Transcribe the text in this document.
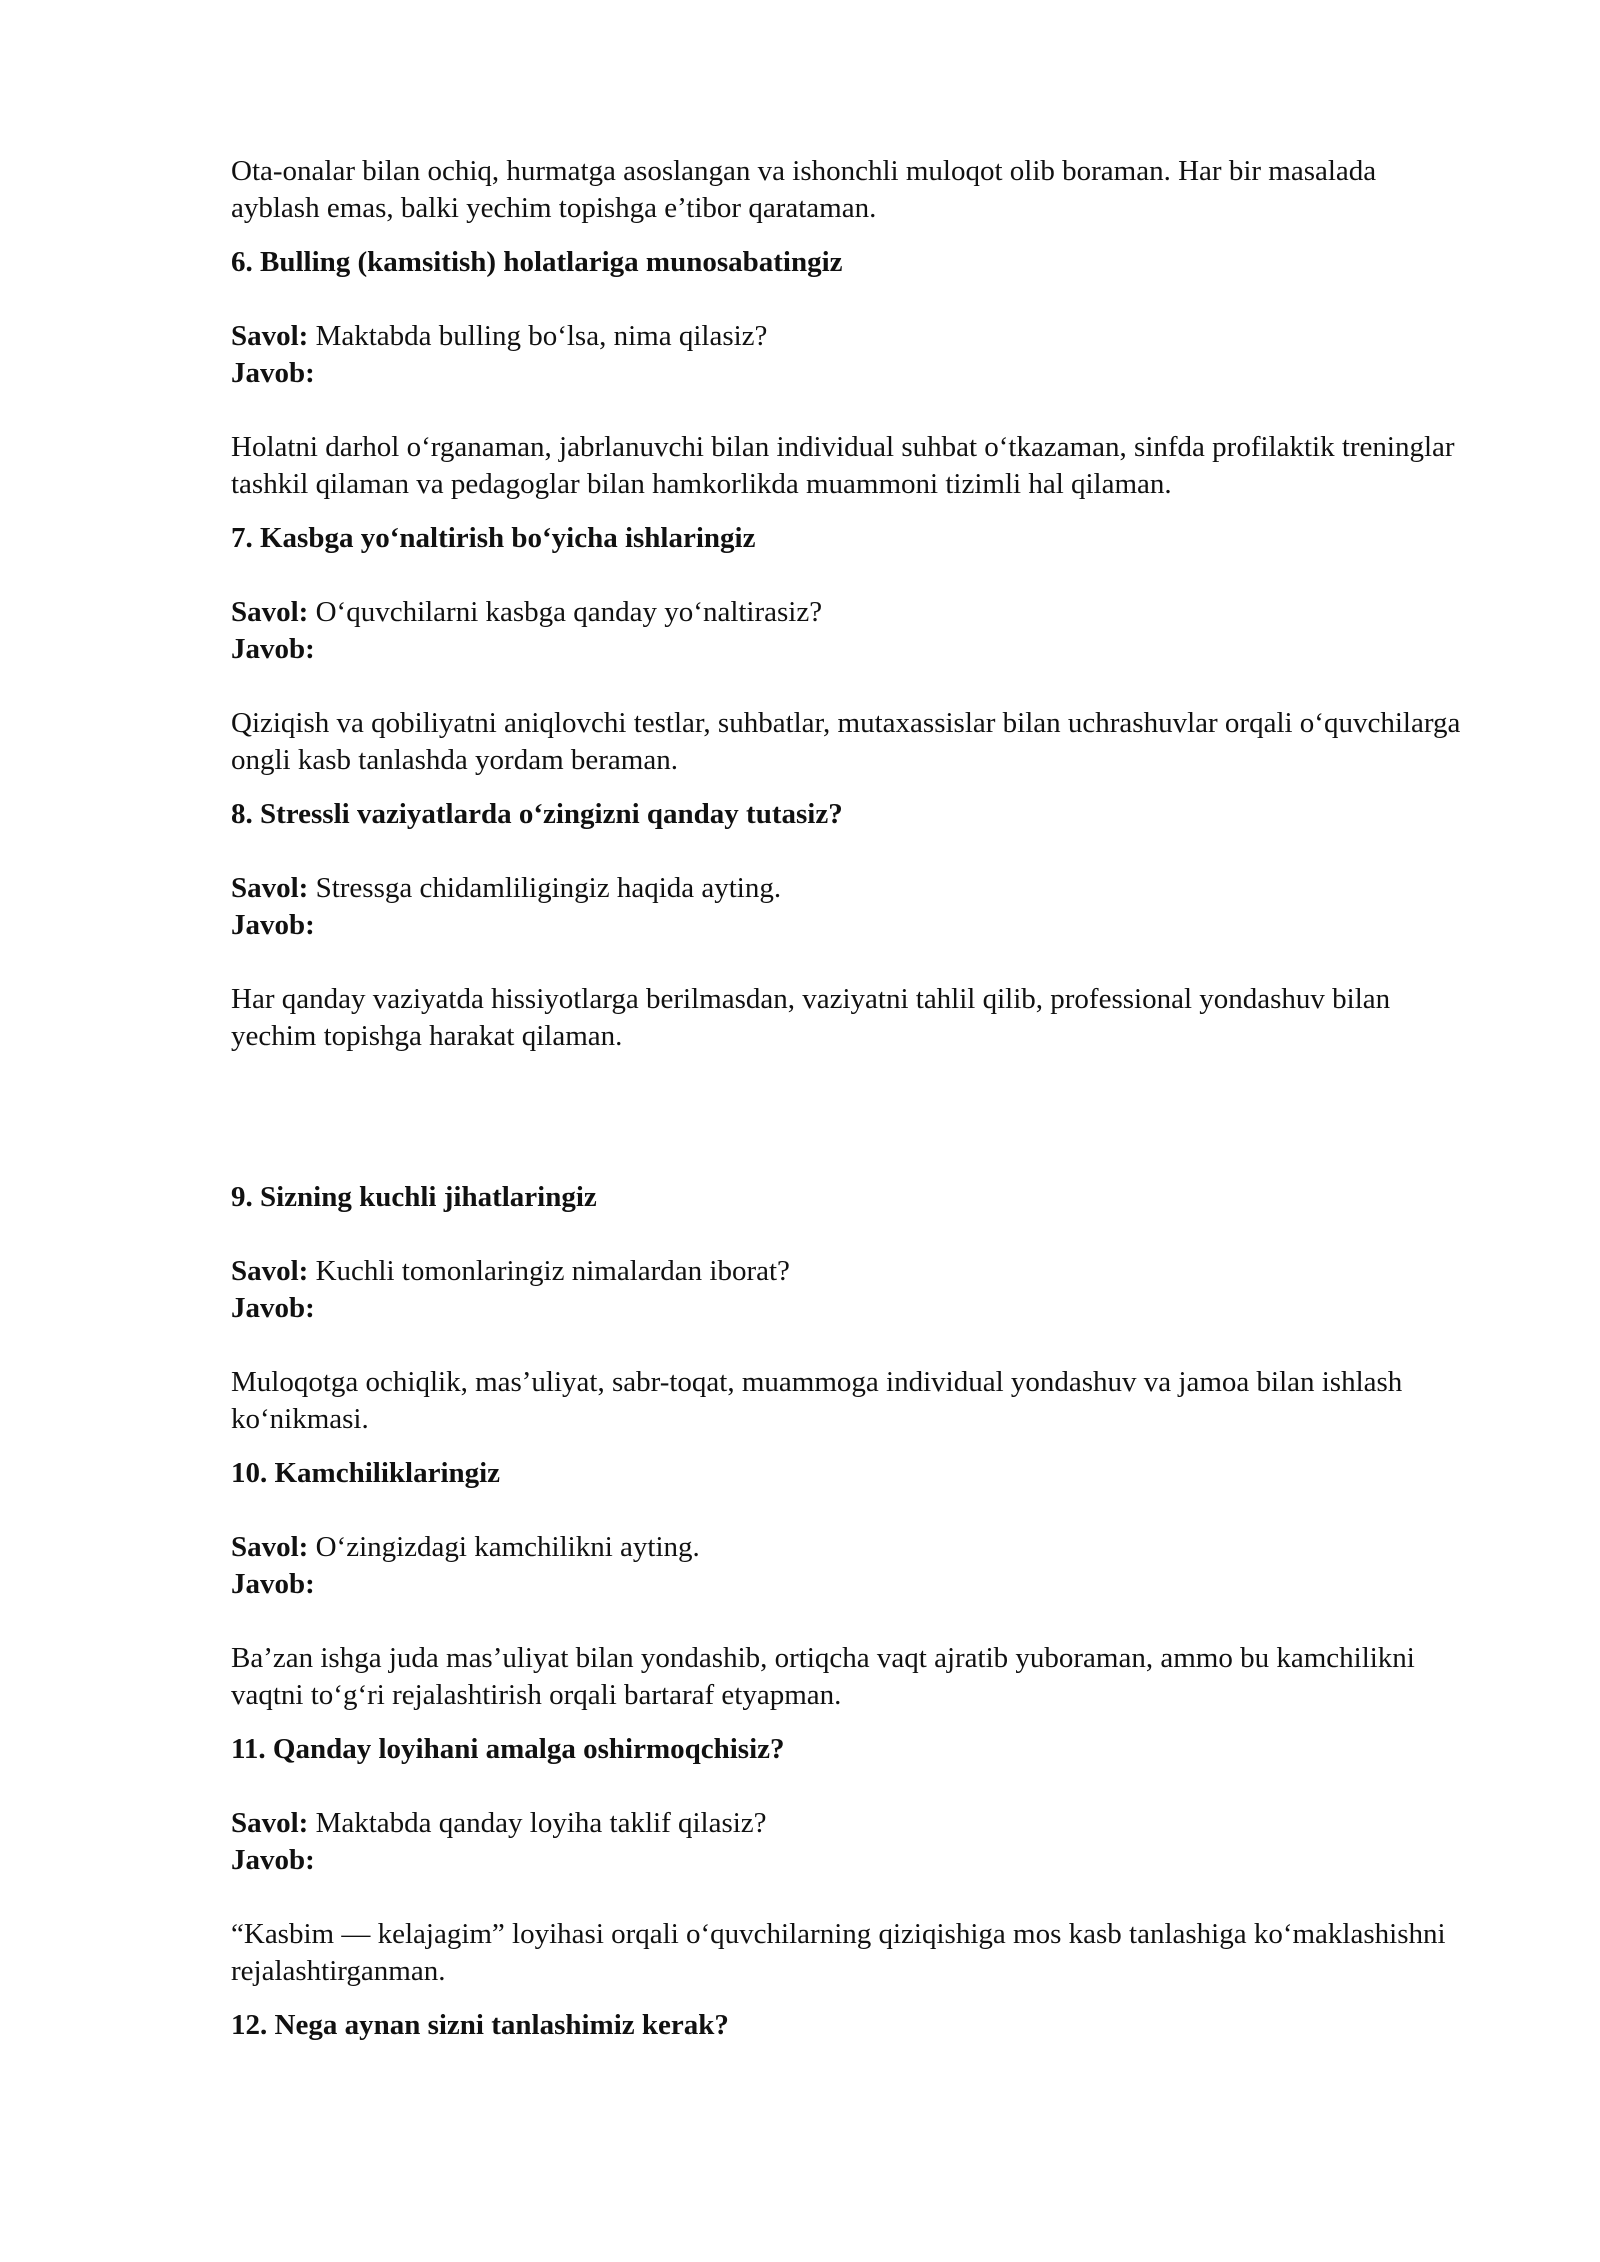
Ota-onalar bilan ochiq, hurmatga asoslangan va ishonchli muloqot olib boraman. Har bir masalada ayblash emas, balki yechim topishga e’tibor qarataman.

6. Bulling (kamsitish) holatlariga munosabatingiz

Savol: Maktabda bulling bo‘lsa, nima qilasiz?

Javob:

Holatni darhol o‘rganaman, jabrlanuvchi bilan individual suhbat o‘tkazaman, sinfda profilaktik treninglar tashkil qilaman va pedagoglar bilan hamkorlikda muammoni tizimli hal qilaman.

7. Kasbga yo‘naltirish bo‘yicha ishlaringiz

Savol: O‘quvchilarni kasbga qanday yo‘naltirasiz?

Javob:

Qiziqish va qobiliyatni aniqlovchi testlar, suhbatlar, mutaxassislar bilan uchrashuvlar orqali o‘quvchilarga ongli kasb tanlashda yordam beraman.

8. Stressli vaziyatlarda o‘zingizni qanday tutasiz?

Savol: Stressga chidamliligingiz haqida ayting.

Javob:

Har qanday vaziyatda hissiyotlarga berilmasdan, vaziyatni tahlil qilib, professional yondashuv bilan yechim topishga harakat qilaman.

9. Sizning kuchli jihatlaringiz

Savol: Kuchli tomonlaringiz nimalardan iborat?

Javob:

Muloqotga ochiqlik, mas’uliyat, sabr-toqat, muammoga individual yondashuv va jamoa bilan ishlash ko‘nikmasi.

10. Kamchiliklaringiz

Savol: O‘zingizdagi kamchilikni ayting.

Javob:

Ba’zan ishga juda mas’uliyat bilan yondashib, ortiqcha vaqt ajratib yuboraman, ammo bu kamchilikni vaqtni to‘g‘ri rejalashtirish orqali bartaraf etyapman.

11. Qanday loyihani amalga oshirmoqchisiz?

Savol: Maktabda qanday loyiha taklif qilasiz?

Javob:

“Kasbim — kelajagim” loyihasi orqali o‘quvchilarning qiziqishiga mos kasb tanlashiga ko‘maklashishni rejalashtirganman.

12. Nega aynan sizni tanlashimiz kerak?
